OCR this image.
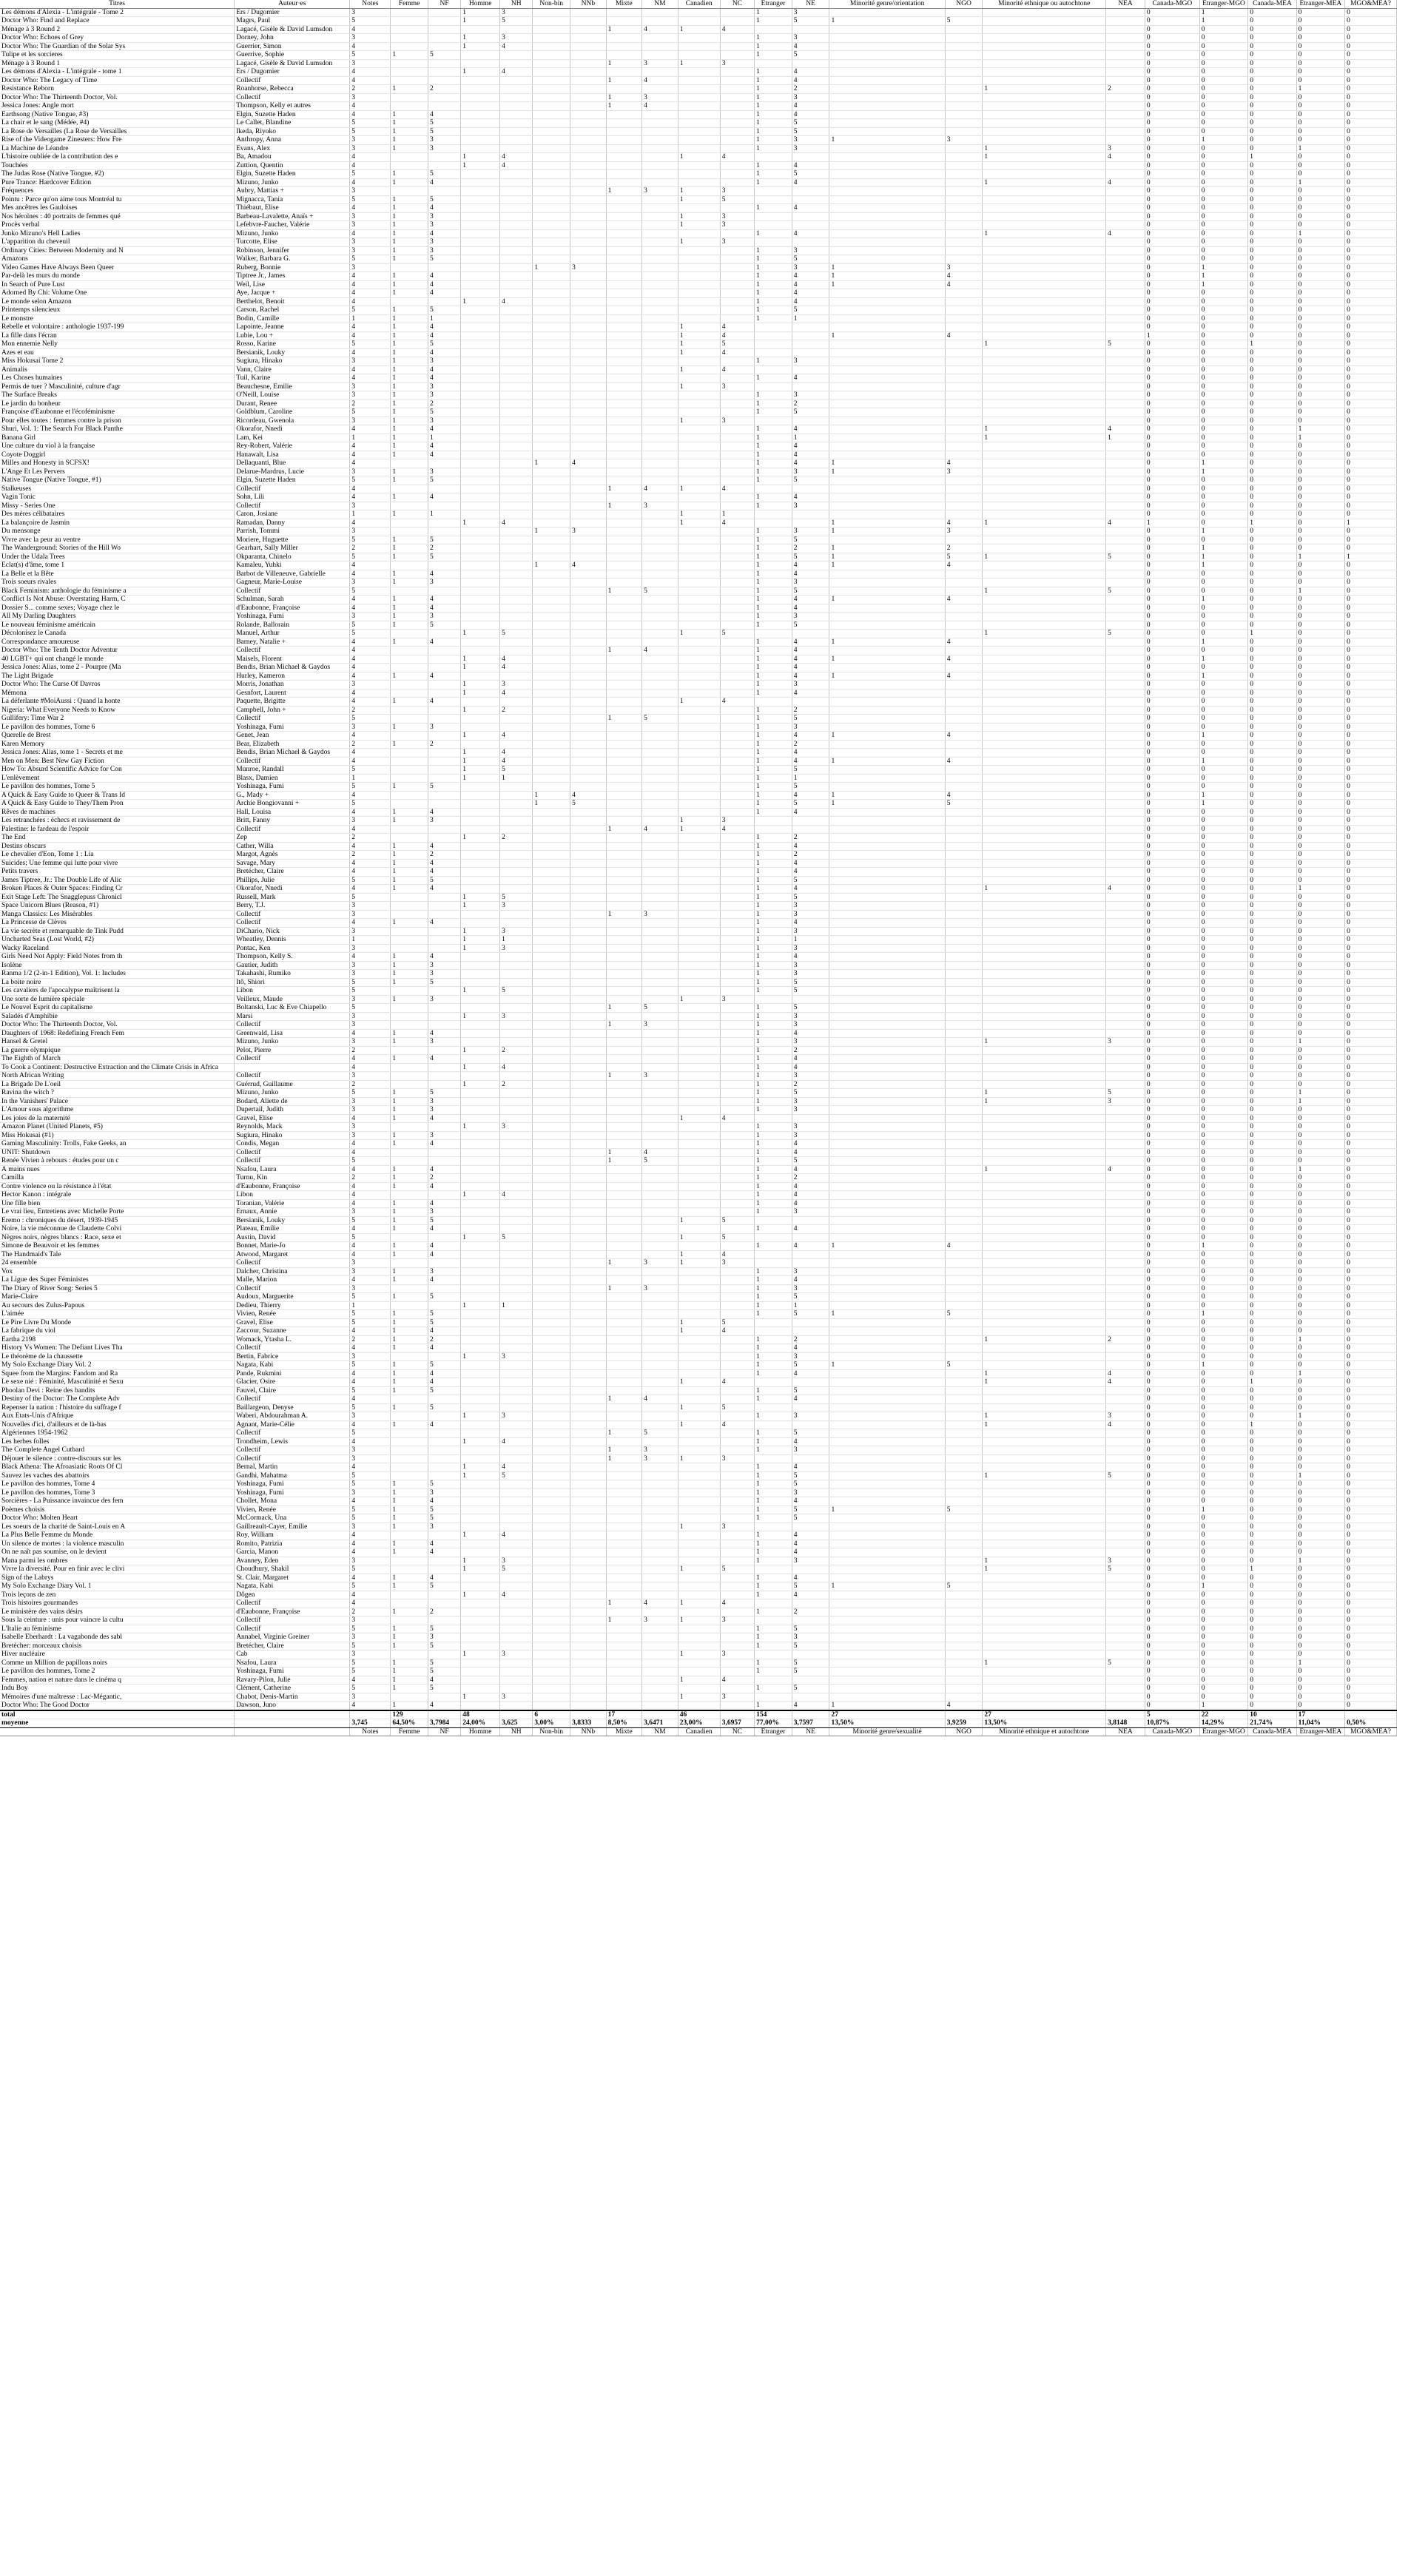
Titres	Auteur·es	Notes	Femme	NF	Homme	NH	Non-bin	NNb	Mixte	NM	Canadien	NC	Étranger	NE	Minorité genre/orientation	NGO	Minorité ethnique ou autochtone	NEA	Canada-MGO	Étranger-MGO	Canada-MEA	Étranger-MEA	MGO&MEA?
Les démons d'Alexia - L'intégrale - Tome 2	Ers / Dugomier	3			1	3							1	3					0	1	0	0	0
Doctor Who: Find and Replace	Magrs, Paul	5			1	5							1	5	1	5			0	1	0	0	0
Ménage à 3 Round 2	Lagacé, Gisèle & David Lumsdon	4							1	4	1	4							0	0	0	0	0
Doctor Who: Echoes of Grey	Dorney, John	3			1	3							1	3					0	0	0	0	0
Doctor Who: The Guardian of the Solar Sys	Guerrier, Simon	4			1	4							1	4					0	0	0	0	0
Tulipe et les sorcieres	Guerrive, Sophie	5	1	5									1	5					0	0	0	0	0
Ménage à 3 Round 1	Lagacé, Gisèle & David Lumsdon	3							1	3	1	3							0	0	0	0	0
Les démons d'Alexia - L'intégrale - tome 1	Ers / Dugomier	4			1	4							1	4					0	0	0	0	0
Doctor Who: The Legacy of Time	Collectif	4							1	4			1	4					0	0	0	0	0
Resistance Reborn	Roanhorse, Rebecca	2	1	2									1	2			1	2	0	0	0	1	0
Doctor Who: The Thirteenth Doctor, Vol.	Collectif	3							1	3			1	3					0	0	0	0	0
Jessica Jones: Angle mort	Thompson, Kelly et autres	4							1	4			1	4					0	0	0	0	0
Earthsong (Native Tongue, #3)	Elgin, Suzette Haden	4	1	4									1	4					0	0	0	0	0
La chair et le sang (Médée, #4)	Le Callet, Blandine	5	1	5									1	5					0	0	0	0	0
La Rose de Versailles (La Rose de Versailles	Ikeda, Riyoko	5	1	5									1	5					0	0	0	0	0
Rise of the Videogame Zinesters: How Fre	Anthropy, Anna	3	1	3									1	3	1	3			0	1	0	0	0
La Machine de Léandre	Evans, Alex	3	1	3									1	3			1	3	0	0	0	1	0
L'histoire oubliée de la contribution des e	Ba, Amadou	4			1	4					1	4					1	4	0	0	1	0	0
Touchées	Zuttion, Quentin	4			1	4							1	4					0	0	0	0	0
The Judas Rose (Native Tongue, #2)	Elgin, Suzette Haden	5	1	5									1	5					0	0	0	0	0
Pure Trance: Hardcover Edition	Mizuno, Junko	4	1	4									1	4			1	4	0	0	0	1	0
Fréquences	Aubry, Mattias +	3							1	3	1	3							0	0	0	0	0
Pointu : Parce qu'on aime tous Montréal tu	Mignacca, Tania	5	1	5							1	5							0	0	0	0	0
Mes ancêtres les Gauloises	Thiébaut, Elise	4	1	4									1	4					0	0	0	0	0
Nos héroïnes : 40 portraits de femmes qué	Barbeau-Lavalette, Anaïs +	3	1	3							1	3							0	0	0	0	0
Procès verbal	Lefebvre-Faucher, Valérie	3	1	3							1	3							0	0	0	0	0
Junko Mizuno's Hell Ladies	Mizuno, Junko	4	1	4									1	4			1	4	0	0	0	1	0
L'apparition du cheveuil	Turcotte, Elise	3	1	3							1	3							0	0	0	0	0
Ordinary Cities: Between Modernity and N	Robinson, Jennifer	3	1	3									1	3					0	0	0	0	0
Amazons	Walker, Barbara G.	5	1	5									1	5					0	0	0	0	0
Video Games Have Always Been Queer	Ruberg, Bonnie	3					1	3					1	3	1	3			0	1	0	0	0
Par-delà les murs du monde	Tiptree Jr., James	4	1	4									1	4	1	4			0	1	0	0	0
In Search of Pure Lust	Weil, Lise	4	1	4									1	4	1	4			0	1	0	0	0
Adorned By Chi: Volume One	Aye, Jacque +	4	1	4									1	4					0	0	0	0	0
Le monde selon Amazon	Berthelot, Benoit	4			1	4							1	4					0	0	0	0	0
Printemps silencieux	Carson, Rachel	5	1	5									1	5					0	0	0	0	0
Le monstre	Bodin, Camille	1	1	1									1	1					0	0	0	0	0
Rebelle et volontaire : anthologie 1937-199	Lapointe, Jeanne	4	1	4							1	4							0	0	0	0	0
La fille dans l'écran	Lubie, Lou +	4	1	4							1	4			1	4			1	0	0	0	0
Mon ennemie Nelly	Rosso, Karine	5	1	5							1	5					1	5	0	0	1	0	0
Azes et eau	Bersianik, Louky	4	1	4							1	4							0	0	0	0	0
Miss Hokusai Tome 2	Sugiura, Hinako	3	1	3									1	3					0	0	0	0	0
Animalis	Vann, Claire	4	1	4							1	4							0	0	0	0	0
Les Choses humaines	Tuil, Karine	4	1	4									1	4					0	0	0	0	0
Permis de tuer ? Masculinité, culture d'agr	Beauchesne, Emilie	3	1	3							1	3							0	0	0	0	0
The Surface Breaks	O'Neill, Louise	3	1	3									1	3					0	0	0	0	0
Le jardin du bonheur	Durant, Renee	2	1	2									1	2					0	0	0	0	0
Françoise d'Eaubonne et l'écoféminisme	Goldblum, Caroline	5	1	5									1	5					0	0	0	0	0
Pour elles toutes : femmes contre la prison	Ricordeau, Gwenola	3	1	3							1	3							0	0	0	0	0
Shuri, Vol. 1: The Search For Black Panthe	Okorafor, Nnedi	4	1	4									1	4			1	4	0	0	0	1	0
Banana Girl	Lam, Kei	1	1	1									1	1			1	1	0	0	0	1	0
Une culture du viol à la française	Rey-Robert, Valérie	4	1	4									1	4					0	0	0	0	0
Coyote Doggirl	Hanawalt, Lisa	4	1	4									1	4					0	0	0	0	0
Milles and Honesty in SCFSX!	Dellaquanti, Blue	4					1	4					1	4	1	4			0	1	0	0	0
L'Ange Et Les Pervers	Delarue-Mardrus, Lucie	3	1	3									1	3	1	3			0	1	0	0	0
Native Tongue (Native Tongue, #1)	Elgin, Suzette Haden	5	1	5									1	5					0	0	0	0	0
Stalkeuses	Collectif	4							1	4	1	4							0	0	0	0	0
Vagin Tonic	Sohn, Lili	4	1	4									1	4					0	0	0	0	0
Missy - Series One	Collectif	3							1	3			1	3					0	0	0	0	0
Des mères célibataires	Caron, Josiane	1	1	1							1	1							0	0	0	0	0
La balançoire de Jasmin	Ramadan, Danny	4			1	4					1	4			1	4	1	4	1	0	1	0	1
Du mensonge	Parrish, Tommi	3					1	3					1	3	1	3			0	1	0	0	0
Vivre avec la peur au ventre	Moriere, Huguette	5	1	5									1	5					0	0	0	0	0
The Wanderground: Stories of the Hill Wo	Gearhart, Sally Miller	2	1	2									1	2	1	2			0	1	0	0	0
Under the Udala Trees	Okparanta, Chinelo	5	1	5									1	5	1	5	1	5	0	1	0	1	1
Éclat(s) d'âme, tome 1	Kamaleu, Yuhki	4					1	4					1	4	1	4			0	1	0	0	0
La Belle et la Bête	Barbot de Villeneuve, Gabrielle	4	1	4									1	4					0	0	0	0	0
Trois soeurs rivales	Gagneur, Marie-Louise	3	1	3									1	3					0	0	0	0	0
Black Feminism: anthologie du féminisme a	Collectif	5							1	5			1	5			1	5	0	0	0	1	0
Conflict Is Not Abuse: Overstating Harm, C	Schulman, Sarah	4	1	4									1	4	1	4			0	1	0	0	0
Dossier S... comme sexes; Voyage chez le	d'Eaubonne, Françoise	4	1	4									1	4					0	0	0	0	0
All My Darling Daughters	Yoshinaga, Fumi	3	1	3									1	3					0	0	0	0	0
Le nouveau féminisme américain	Rolande, Ballorain	5	1	5									1	5					0	0	0	0	0
Décolonisez le Canada	Manuel, Arthur	5			1	5					1	5					1	5	0	0	1	0	0
Correspondance amoureuse	Barney, Natalie +	4	1	4									1	4	1	4			0	1	0	0	0
Doctor Who: The Tenth Doctor Adventur	Collectif	4							1	4			1	4					0	0	0	0	0
40 LGBT+ qui ont changé le monde	Maisels, Florent	4			1	4							1	4	1	4			0	1	0	0	0
Jessica Jones: Alias, tome 2 - Pourpre (Ma	Bendis, Brian Michael & Gaydos	4			1	4							1	4					0	0	0	0	0
The Light Brigade	Hurley, Kameron	4	1	4									1	4	1	4			0	1	0	0	0
Doctor Who: The Curse Of Davros	Morris, Jonathan	3			1	3							1	3					0	0	0	0	0
Mémona	Gesnfort, Laurent	4			1	4							1	4					0	0	0	0	0
La déferlante #MoiAussi : Quand la honte	Paquette, Brigitte	4	1	4							1	4							0	0	0	0	0
Nigeria: What Everyone Needs to Know	Campbell, John +	2			1	2							1	2					0	0	0	0	0
Gullifery: Time War 2	Collectif	5							1	5			1	5					0	0	0	0	0
Le pavillon des hommes, Tome 6	Yoshinaga, Fumi	3	1	3									1	3					0	0	0	0	0
Querelle de Brest	Genet, Jean	4			1	4							1	4	1	4			0	1	0	0	0
Karen Memory	Bear, Elizabeth	2	1	2									1	2					0	0	0	0	0
Jessica Jones: Alias, tome 1 - Secrets et me	Bendis, Brian Michael & Gaydos	4			1	4							1	4					0	0	0	0	0
Men on Men: Best New Gay Fiction	Collectif	4			1	4							1	4	1	4			0	1	0	0	0
How To: Absurd Scientific Advice for Con	Munroe, Randall	5			1	5							1	5					0	0	0	0	0
L'enlèvement	Blasx, Damien	1			1	1							1	1					0	0	0	0	0
Le pavillon des hommes, Tome 5	Yoshinaga, Fumi	5	1	5									1	5					0	0	0	0	0
A Quick & Easy Guide to Queer & Trans Id	G., Mady +	4					1	4					1	4	1	4			0	1	0	0	0
A Quick & Easy Guide to They/Them Pron	Archie Bongiovanni +	5					1	5					1	5	1	5			0	1	0	0	0
Rêves de machines	Hall, Louisa	4	1	4									1	4					0	0	0	0	0
Les retranchées : échecs et ravissement de	Britt, Fanny	3	1	3							1	3							0	0	0	0	0
Palestine: le fardeau de l'espoir	Collectif	4							1	4	1	4							0	0	0	0	0
The End	Zep	2			1	2							1	2					0	0	0	0	0
Destins obscurs	Cather, Willa	4	1	4									1	4					0	0	0	0	0
Le chevalier d'Eon, Tome 1 : Lia	Margot, Agnès	2	1	2									1	2					0	0	0	0	0
Suicides; Une femme qui lutte pour vivre	Savage, Mary	4	1	4									1	4					0	0	0	0	0
Petits travers	Bretécher, Claire	4	1	4									1	4					0	0	0	0	0
James Tiptree, Jr.: The Double Life of Alic	Phillips, Julie	5	1	5									1	5					0	0	0	0	0
Broken Places & Outer Spaces: Finding Cr	Okorafor, Nnedi	4	1	4									1	4			1	4	0	0	0	1	0
Exit Stage Left: The Snagglepuss Chronicl	Russell, Mark	5			1	5							1	5					0	0	0	0	0
Space Unicorn Blues (Reason, #1)	Berry, T.J.	3			1	3							1	3					0	0	0	0	0
Manga Classics: Les Misérables	Collectif	3							1	3			1	3					0	0	0	0	0
La Princesse de Clèves	Collectif	4	1	4									1	4					0	0	0	0	0
La vie secrète et remarquable de Tink Pudd	DiChario, Nick	3			1	3							1	3					0	0	0	0	0
Uncharted Seas (Lost World, #2)	Wheatley, Dennis	1			1	1							1	1					0	0	0	0	0
Wacky Raceland	Pontac, Ken	3			1	3							1	3					0	0	0	0	0
Girls Need Not Apply: Field Notes from th	Thompson, Kelly S.	4	1	4									1	4					0	0	0	0	0
Isolène	Gautier, Judith	3	1	3									1	3					0	0	0	0	0
Ranma 1/2 (2-in-1 Edition), Vol. 1: Includes	Takahashi, Rumiko	3	1	3									1	3					0	0	0	0	0
La boite noire	Itô, Shiori	5	1	5									1	5					0	0	0	0	0
Les cavaliers de l'apocalypse maîtrisent la	Libon	5			1	5							1	5					0	0	0	0	0
Une sorte de lumière spéciale	Veilleux, Maude	3	1	3							1	3							0	0	0	0	0
Le Nouvel Esprit du capitalisme	Boltanski, Luc & Eve Chiapello	5							1	5			1	5					0	0	0	0	0
Saladés d'Amphibie	Marsi	3			1	3							1	3					0	0	0	0	0
Doctor Who: The Thirteenth Doctor, Vol.	Collectif	3							1	3			1	3					0	0	0	0	0
Daughters of 1968: Redefining French Fem	Greenwald, Lisa	4	1	4									1	4					0	0	0	0	0
Hansel & Gretel	Mizuno, Junko	3	1	3									1	3			1	3	0	0	0	1	0
La guerre olympique	Pelot, Pierre	2			1	2							1	2					0	0	0	0	0
The Eighth of March	Collectif	4	1	4									1	4					0	0	0	0	0
To Cook a Continent: Destructive Extraction and the Climate Crisis in Africa		4			1	4							1	4					0	0	0	0	0
North African Writing	Collectif	3							1	3			1	3					0	0	0	0	0
La Brigade De L'oeil	Guérrud, Guillaume	2			1	2							1	2					0	0	0	0	0
Ravina the witch ?	Mizuno, Junko	5	1	5									1	5			1	5	0	0	0	1	0
In the Vanishers' Palace	Bodard, Aliette de	3	1	3									1	3			1	3	0	0	0	1	0
L'Amour sous algorithme	Dupertail, Judith	3	1	3									1	3					0	0	0	0	0
Les joies de la maternité	Gravel, Elise	4	1	4							1	4							0	0	0	0	0
Amazon Planet (United Planets, #5)	Reynolds, Mack	3			1	3							1	3					0	0	0	0	0
Miss Hokusai (#1)	Sugiura, Hinako	3	1	3									1	3					0	0	0	0	0
Gaming Masculinity: Trolls, Fake Geeks, an	Condis, Megan	4	1	4									1	4					0	0	0	0	0
UNIT: Shutdown	Collectif	4							1	4			1	4					0	0	0	0	0
Renée Vivien à rebours : études pour un c	Collectif	5							1	5			1	5					0	0	0	0	0
À mains nues	Nsafou, Laura	4	1	4									1	4			1	4	0	0	0	1	0
Camilla	Turnu, Kin	2	1	2									1	2					0	0	0	0	0
Contre violence ou la résistance à l'état	d'Eaubonne, Françoise	4	1	4									1	4					0	0	0	0	0
Hector Kanon : intégrale	Libon	4			1	4							1	4					0	0	0	0	0
Une fille bien	Toranian, Valérie	4	1	4									1	4					0	0	0	0	0
Le vrai lieu, Entretiens avec Michelle Porte	Ernaux, Annie	3	1	3									1	3					0	0	0	0	0
Eremo : chroniques du désert, 1939-1945	Bersianik, Louky	5	1	5							1	5							0	0	0	0	0
Noire, la vie méconnue de Claudette Colvi	Plateau, Emilie	4	1	4									1	4					0	0	0	0	0
Nègres noirs, nègres blancs : Race, sexe et	Austin, David	5			1	5					1	5							0	0	0	0	0
Simone de Beauvoir et les femmes	Bonnet, Marie-Jo	4	1	4									1	4	1	4			0	1	0	0	0
The Handmaid's Tale	Atwood, Margaret	4	1	4							1	4							0	0	0	0	0
24 ensemble	Collectif	3							1	3	1	3							0	0	0	0	0
Vox	Dalcher, Christina	3	1	3									1	3					0	0	0	0	0
La Ligue des Super Féministes	Malle, Marion	4	1	4									1	4					0	0	0	0	0
The Diary of River Song: Series 5	Collectif	3							1	3			1	3					0	0	0	0	0
Marie-Claire	Audoux, Marguerite	5	1	5									1	5					0	0	0	0	0
Au secours des Zulus-Papous	Dedieu, Thierry	1			1	1							1	1					0	0	0	0	0
L'aimée	Vivien, Renée	5	1	5									1	5	1	5			0	1	0	0	0
Le Pire Livre Du Monde	Gravel, Elise	5	1	5							1	5							0	0	0	0	0
La fabrique du viol	Zaccour, Suzanne	4	1	4							1	4							0	0	0	0	0
Eartha 2198	Womack, Ytasha L.	2	1	2									1	2			1	2	0	0	0	1	0
History Vs Women: The Defiant Lives Tha	Collectif	4	1	4									1	4					0	0	0	0	0
Le théorème de la chaussette	Bertin, Fabrice	3			1	3							1	3					0	0	0	0	0
My Solo Exchange Diary Vol. 2	Nagata, Kabi	5	1	5									1	5	1	5			0	1	0	0	0
Squee from the Margins: Fandom and Ra	Pande, Rukmini	4	1	4									1	4			1	4	0	0	0	1	0
Le sexe nié : Féminité, Masculinité et Sexu	Glacier, Osire	4	1	4							1	4					1	4	0	0	1	0	0
Phoolan Devi : Reine des bandits	Fauvel, Claire	5	1	5									1	5					0	0	0	0	0
Destiny of the Doctor: The Complete Adv	Collectif	4							1	4			1	4					0	0	0	0	0
Repenser la nation : l'histoire du suffrage f	Baillargeon, Denyse	5	1	5							1	5							0	0	0	0	0
Aux États-Unis d'Afrique	Waberi, Abdourahman A.	3			1	3							1	3			1	3	0	0	0	1	0
Nouvelles d'ici, d'ailleurs et de là-bas	Agnant, Marie-Célie	4	1	4							1	4					1	4	0	0	1	0	0
Algériennes 1954-1962	Collectif	5							1	5			1	5					0	0	0	0	0
Les herbes folles	Trondheim, Lewis	4			1	4							1	4					0	0	0	0	0
The Complete Angel Cutbard	Collectif	3							1	3			1	3					0	0	0	0	0
Déjouer le silence : contre-discours sur les	Collectif	3							1	3	1	3							0	0	0	0	0
Black Athena: The Afroasiatic Roots Of Cl	Bernal, Martin	4			1	4							1	4					0	0	0	0	0
Sauvez les vaches des abattoirs	Gandhi, Mahatma	5			1	5							1	5			1	5	0	0	0	1	0
Le pavillon des hommes, Tome 4	Yoshinaga, Fumi	5	1	5									1	5					0	0	0	0	0
Le pavillon des hommes, Tome 3	Yoshinaga, Fumi	3	1	3									1	3					0	0	0	0	0
Sorcières - La Puissance invaincue des fem	Chollet, Mona	4	1	4									1	4					0	0	0	0	0
Poèmes choisis	Vivien, Renée	5	1	5									1	5	1	5			0	1	0	0	0
Doctor Who: Molten Heart	McCormack, Una	5	1	5									1	5					0	0	0	0	0
Les soeurs de la charité de Saint-Louis en A	Gaillreault-Cayer, Emilie	3	1	3							1	3							0	0	0	0	0
La Plus Belle Femme du Monde	Roy, William	4			1	4							1	4					0	0	0	0	0
Un silence de mortes : la violence masculin	Romito, Patrizia	4	1	4									1	4					0	0	0	0	0
On ne naît pas soumise, on le devient	Garcia, Manon	4	1	4									1	4					0	0	0	0	0
Mana parmi les ombres	Avanney, Eden	3			1	3							1	3			1	3	0	0	0	1	0
Vivre la diversité. Pour en finir avec le clivi	Choudhury, Shakil	5			1	5					1	5					1	5	0	0	1	0	0
Sign of the Labrys	St. Clair, Margaret	4	1	4									1	4					0	0	0	0	0
My Solo Exchange Diary Vol. 1	Nagata, Kabi	5	1	5									1	5	1	5			0	1	0	0	0
Trois leçons de zen	Dôgen	4			1	4							1	4					0	0	0	0	0
Trois histoires gourmandes	Collectif	4							1	4	1	4							0	0	0	0	0
Le ministère des vains désirs	d'Eaubonne, Françoise	2	1	2									1	2					0	0	0	0	0
Sous la ceinture : unis pour vaincre la cultu	Collectif	3							1	3	1	3							0	0	0	0	0
L'Italie au féminisme	Collectif	5	1	5									1	5					0	0	0	0	0
Isabelle Eberhardt : La vagabonde des sabl	Annabel, Virginie Greiner	3	1	3									1	3					0	0	0	0	0
Bretécher: morceaux choisis	Bretécher, Claire	5	1	5									1	5					0	0	0	0	0
Hiver nucléaire	Cab	3			1	3					1	3							0	0	0	0	0
Comme un Million de papillons noirs	Nsafou, Laura	5	1	5									1	5			1	5	0	0	0	1	0
Le pavillon des hommes, Tome 2	Yoshinaga, Fumi	5	1	5									1	5					0	0	0	0	0
Femmes, nation et nature dans le cinéma q	Ravary-Pilon, Julie	4	1	4							1	4							0	0	0	0	0
Indu Boy	Clément, Catherine	5	1	5									1	5					0	0	0	0	0
Mémoires d'une maîtresse : Lac-Mégantic,	Chabot, Denis-Martin	3			1	3					1	3							0	0	0	0	0
Doctor Who: The Good Doctor	Dawson, Juno	4	1	4									1	4	1	4			0	1	0	0	0
total			129		48		6		17		46		154		27		27		5	22	10	17	
moyenne		3,745	64,50%	3,7984	24,00%	3,625	3,00%	3,8333	8,50%	3,6471	23,00%	3,6957	77,00%	3,7597	13,50%	3,9259	13,50%	3,8148	10,87%	14,29%	21,74%	11,04%	0,50%
		Notes	Femme	NF	Homme	NH	Non-bin	NNb	Mixte	NM	Canadien	NC	Étranger	NE	Minorité genre/sexualité	NGO	Minorité ethnique et autochtone	NEA	Canada-MGO	Etranger-MGO	Canada-MEA	Etranger-MEA	MGO&MEA?
